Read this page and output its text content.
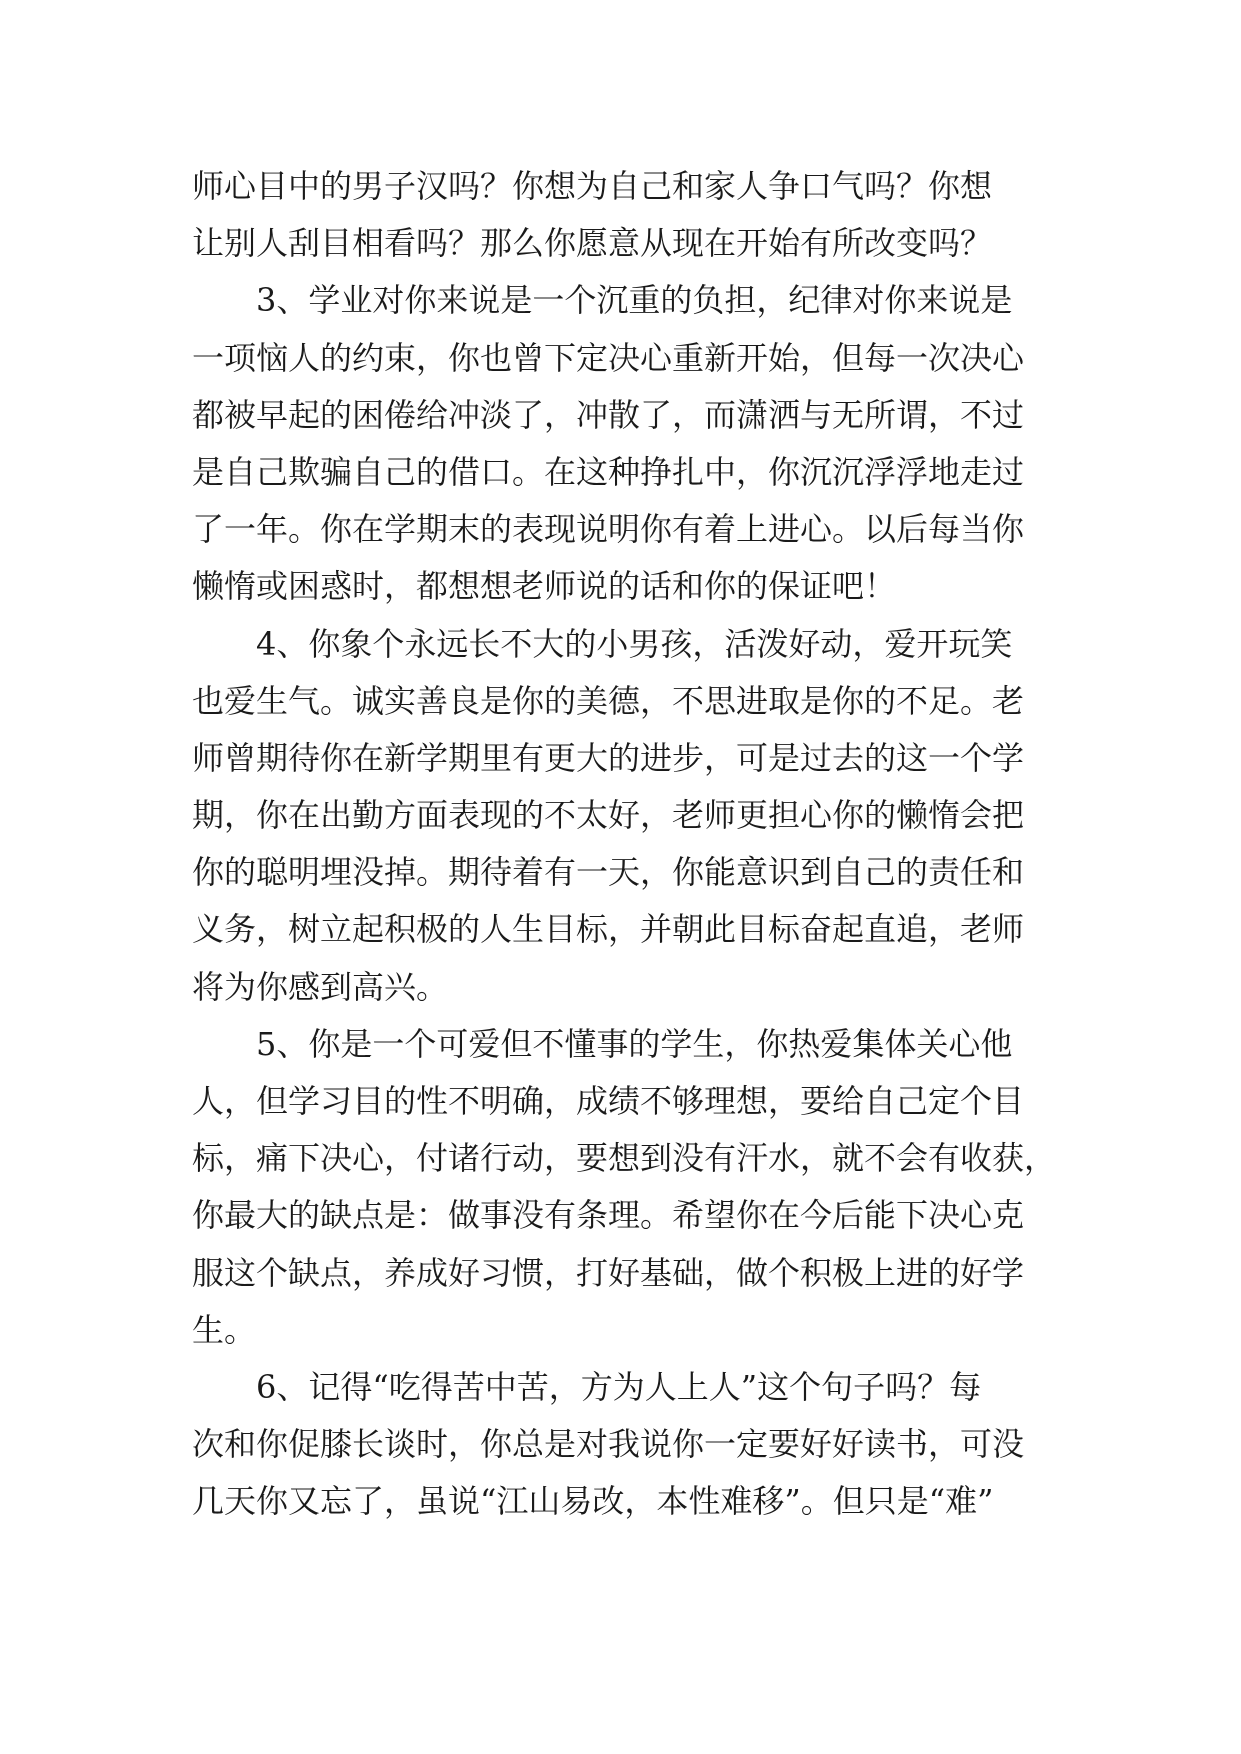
师心目中的男子汉吗？你想为自己和家人争口气吗？你想
让别人刮目相看吗？那么你愿意从现在开始有所改变吗？
　　3、学业对你来说是一个沉重的负担，纪律对你来说是
一项恼人的约束，你也曾下定决心重新开始，但每一次决心
都被早起的困倦给冲淡了，冲散了，而潇洒与无所谓，不过
是自己欺骗自己的借口。在这种挣扎中，你沉沉浮浮地走过
了一年。你在学期末的表现说明你有着上进心。以后每当你
懒惰或困惑时，都想想老师说的话和你的保证吧！
　　4、你象个永远长不大的小男孩，活泼好动，爱开玩笑
也爱生气。诚实善良是你的美德，不思进取是你的不足。老
师曾期待你在新学期里有更大的进步，可是过去的这一个学
期，你在出勤方面表现的不太好，老师更担心你的懒惰会把
你的聪明埋没掉。期待着有一天，你能意识到自己的责任和
义务，树立起积极的人生目标，并朝此目标奋起直追，老师
将为你感到高兴。
　　5、你是一个可爱但不懂事的学生，你热爱集体关心他
人，但学习目的性不明确，成绩不够理想，要给自己定个目
标，痛下决心，付诸行动，要想到没有汗水，就不会有收获，
你最大的缺点是：做事没有条理。希望你在今后能下决心克
服这个缺点，养成好习惯，打好基础，做个积极上进的好学
生。
　　6、记得“吃得苦中苦，方为人上人”这个句子吗？每
次和你促膝长谈时，你总是对我说你一定要好好读书，可没
几天你又忘了，虽说“江山易改，本性难移”。但只是“难”
